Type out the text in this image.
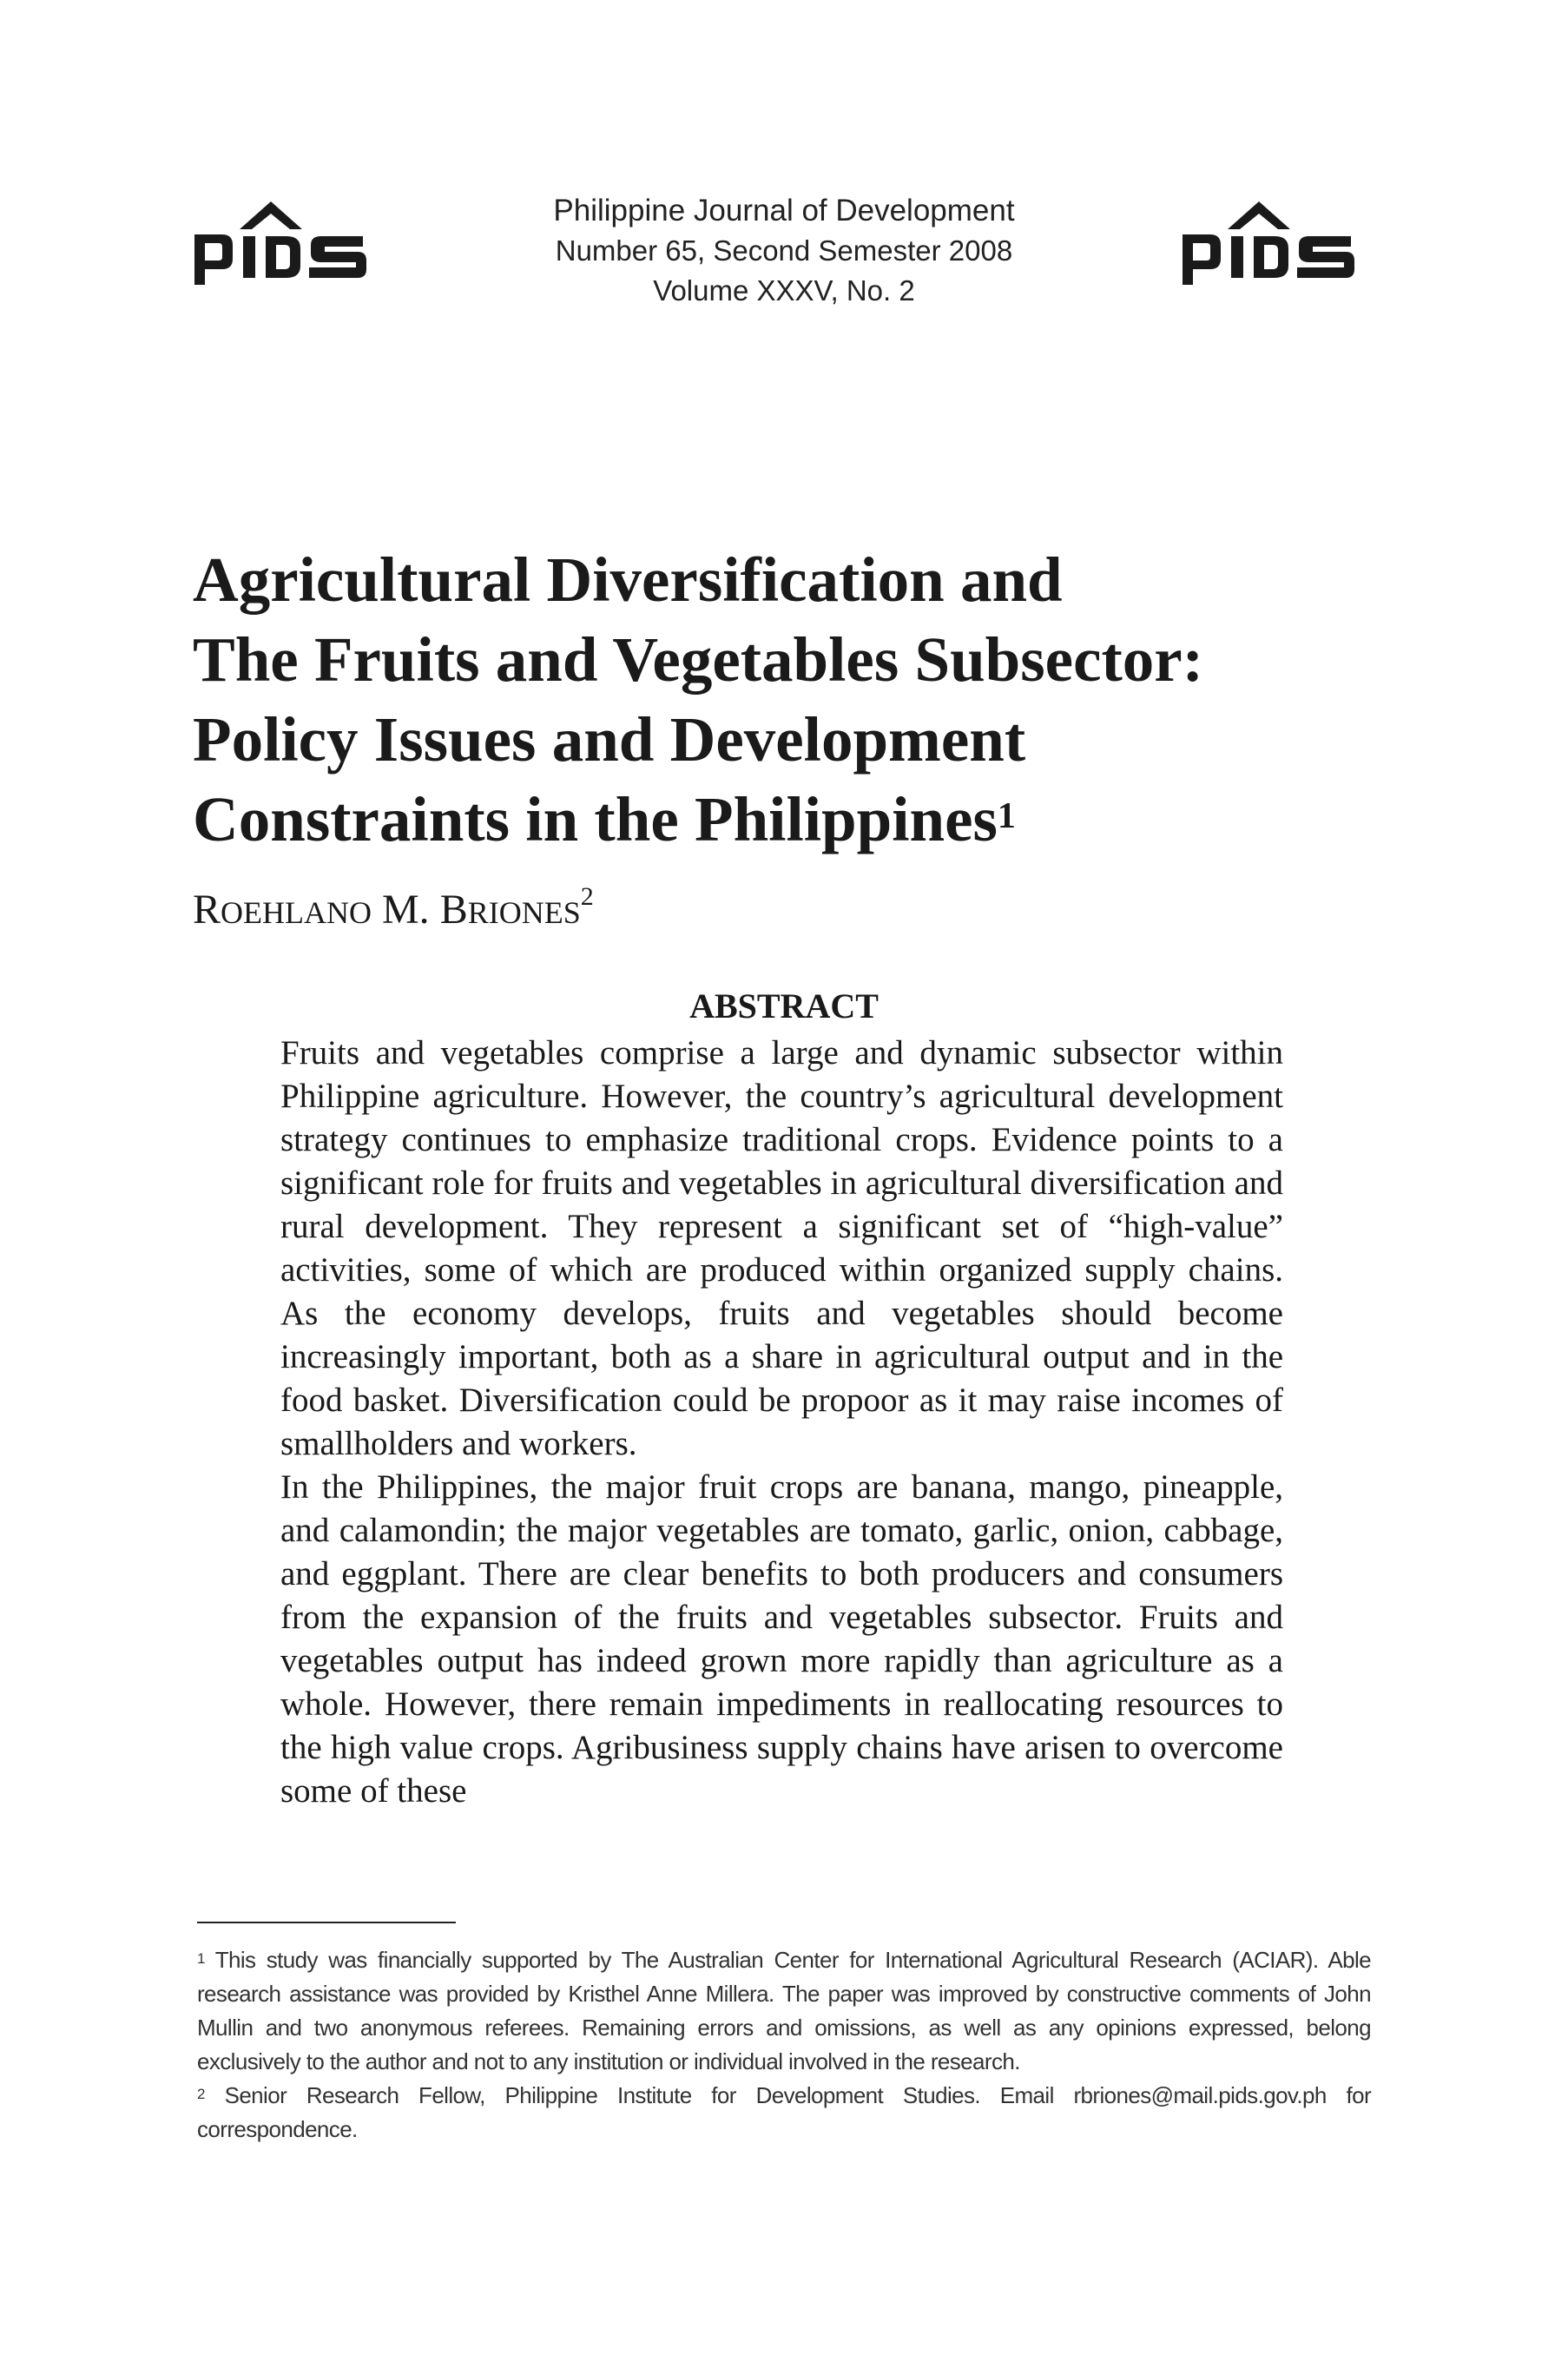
Philippine Journal of Development
Number 65, Second Semester 2008
Volume XXXV, No. 2
Agricultural Diversification and
The Fruits and Vegetables Subsector:
Policy Issues and Development
Constraints in the Philippines$^1$
ROEHLANO M. BRIONES$^2$
ABSTRACT

Fruits and vegetables comprise a large and dynamic subsector within Philippine agriculture. However, the country’s agricultural development strategy continues to emphasize traditional crops. Evidence points to a significant role for fruits and vegetables in agricultural diversification and rural development. They represent a significant set of “high-value” activities, some of which are produced within organized supply chains. As the economy develops, fruits and vegetables should become increasingly important, both as a share in agricultural output and in the food basket. Diversification could be propoor as it may raise incomes of smallholders and workers.

In the Philippines, the major fruit crops are banana, mango, pineapple, and calamondin; the major vegetables are tomato, garlic, onion, cabbage, and eggplant. There are clear benefits to both producers and consumers from the expansion of the fruits and vegetables subsector. Fruits and vegetables output has indeed grown more rapidly than agriculture as a whole. However, there remain impediments in reallocating resources to the high value crops. Agribusiness supply chains have arisen to overcome some of these

$^1$ This study was financially supported by The Australian Center for International Agricultural Research (ACIAR). Able research assistance was provided by Kristhel Anne Millera. The paper was improved by constructive comments of John Mullin and two anonymous referees. Remaining errors and omissions, as well as any opinions expressed, belong exclusively to the author and not to any institution or individual involved in the research.

$^2$ Senior Research Fellow, Philippine Institute for Development Studies. Email rbriones@mail.pids.gov.ph for correspondence.
